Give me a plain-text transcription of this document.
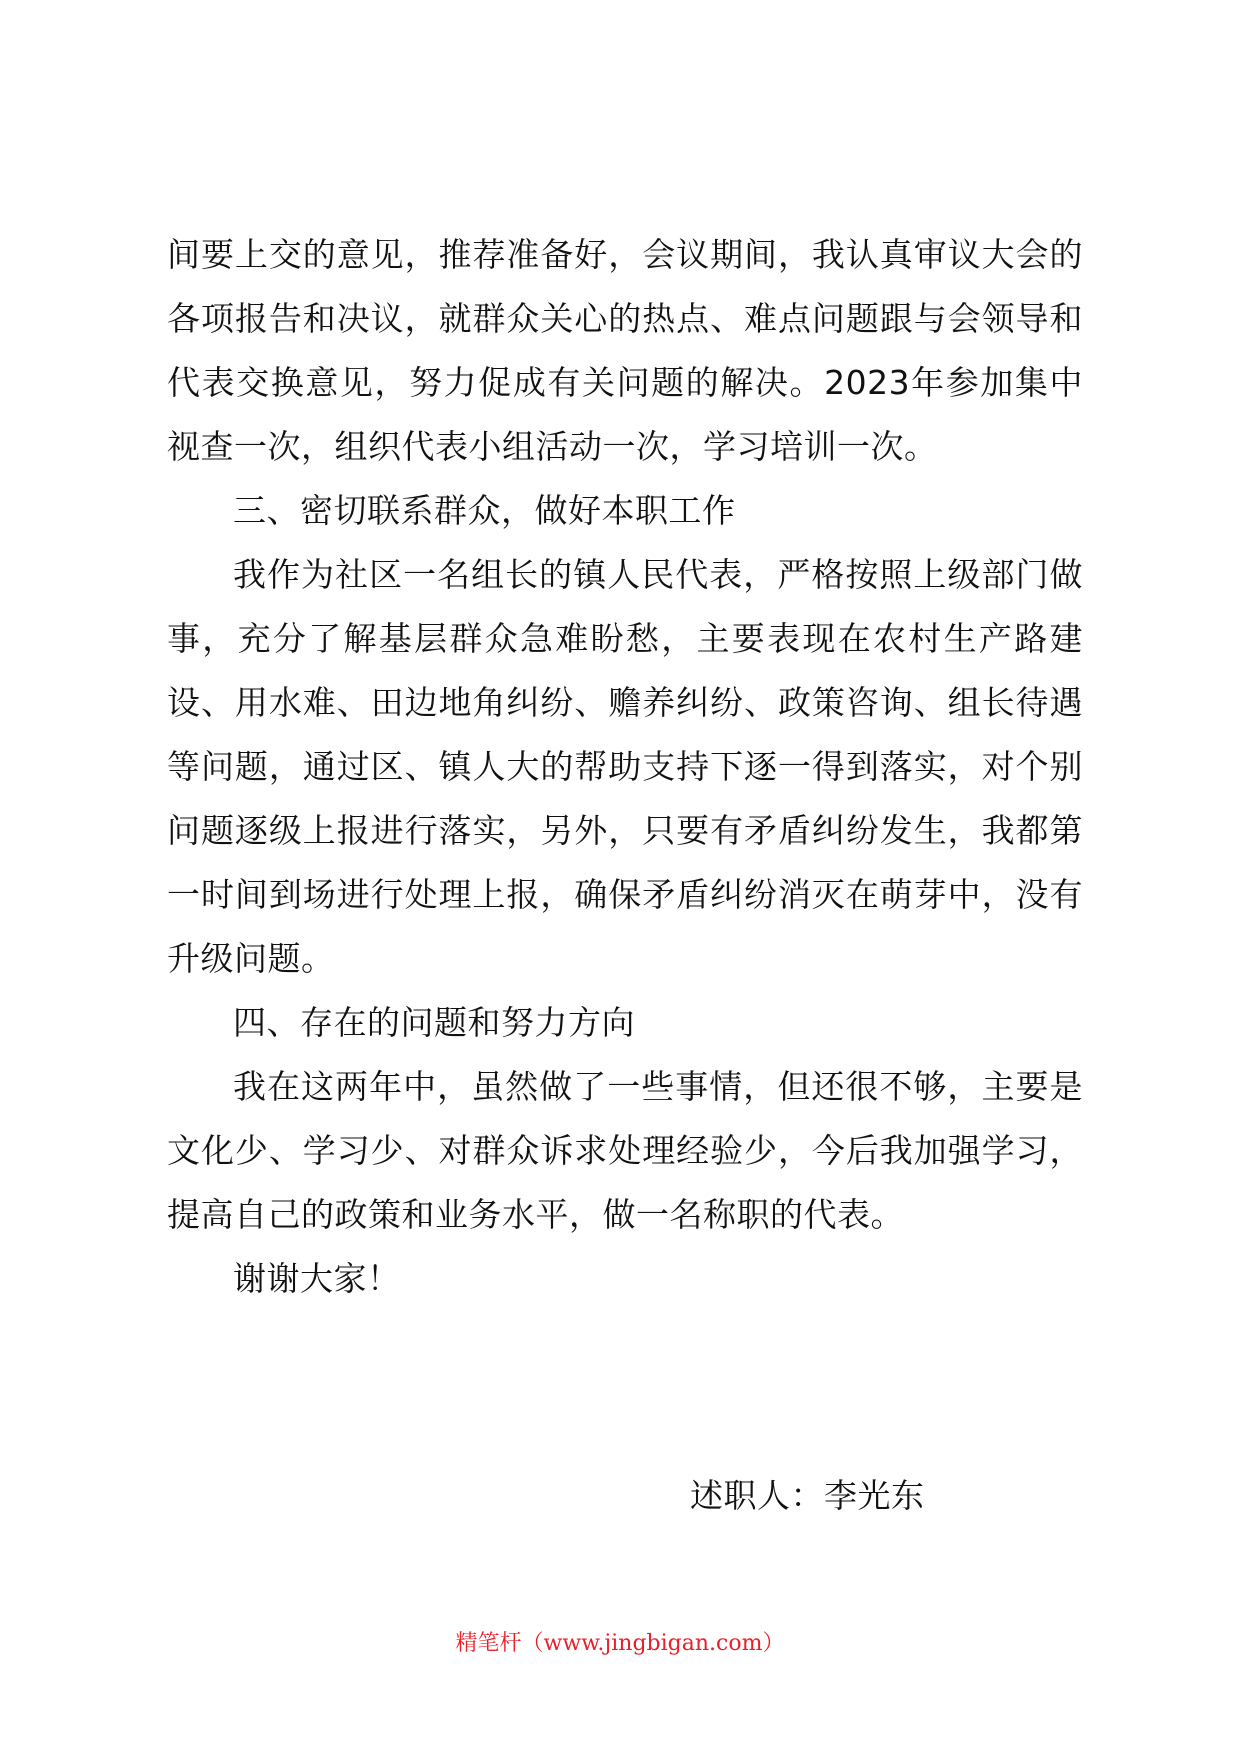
间要上交的意见，推荐准备好，会议期间，我认真审议大会的各项报告和决议，就群众关心的热点、难点问题跟与会领导和代表交换意见，努力促成有关问题的解决。2023年参加集中视查一次，组织代表小组活动一次，学习培训一次。

三、密切联系群众，做好本职工作

我作为社区一名组长的镇人民代表，严格按照上级部门做事，充分了解基层群众急难盼愁，主要表现在农村生产路建设、用水难、田边地角纠纷、赡养纠纷、政策咨询、组长待遇等问题，通过区、镇人大的帮助支持下逐一得到落实，对个别问题逐级上报进行落实，另外，只要有矛盾纠纷发生，我都第一时间到场进行处理上报，确保矛盾纠纷消灭在萌芽中，没有升级问题。

四、存在的问题和努力方向

我在这两年中，虽然做了一些事情，但还很不够，主要是文化少、学习少、对群众诉求处理经验少，今后我加强学习，提高自己的政策和业务水平，做一名称职的代表。

谢谢大家！

述职人：李光东
精笔杆（www.jingbigan.com）
